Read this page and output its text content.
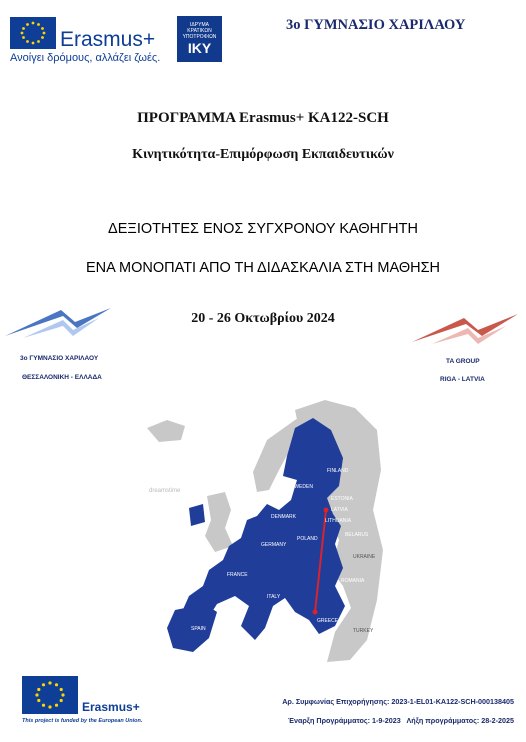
Erasmus+
Ανοίγει δρόμους, αλλάζει ζωές.
ΙΔΡΥΜΑ
ΚΡΑΤΙΚΩΝ
ΥΠΟΤΡΟΦΙΩΝ
IKY
3ο ΓΥΜΝΑΣΙΟ ΧΑΡΙΛΑΟΥ
ΠΡΟΓΡΑΜΜΑ Erasmus+ KA122-SCH
Κινητικότητα-Επιμόρφωση Εκπαιδευτικών
ΔΕΞΙΟΤΗΤΕΣ ΕΝΟΣ ΣΥΓΧΡΟΝΟΥ ΚΑΘΗΓΗΤΗ
ΕΝΑ ΜΟΝΟΠΑΤΙ ΑΠΟ ΤΗ ΔΙΔΑΣΚΑΛΙΑ ΣΤΗ ΜΑΘΗΣΗ
20 - 26 Οκτωβρίου 2024
3ο ΓΥΜΝΑΣΙΟ ΧΑΡΙΛΑΟΥ
ΘΕΣΣΑΛΟΝΙΚΗ - ΕΛΛΑΔΑ
TA GROUP
RIGA - LATVIA
FINLAND
SWEDEN
ESTONIA
LATVIA
LITHUANIA
BELARUS
POLAND
GERMANY
FRANCE
SPAIN
ITALY
ROMANIA
UKRAINE
TURKEY
DENMARK
GREECE
dreamstime
Erasmus+
This project is funded by the European Union.
Αρ. Συμφωνίας Επιχορήγησης: 2023-1-EL01-KA122-SCH-000138405
Έναρξη Προγράμματος: 1-9-2023   Λήξη προγράμματος: 28-2-2025
